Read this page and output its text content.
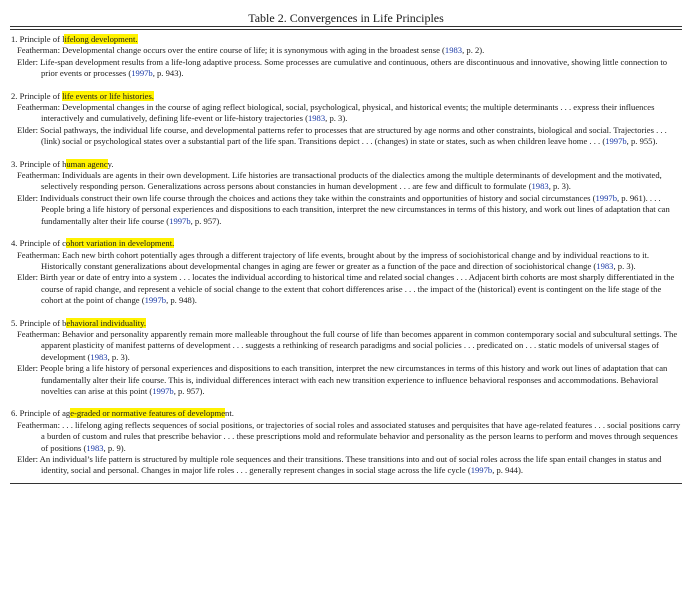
Table 2. Convergences in Life Principles
1. Principle of lifelong development.

Featherman: Developmental change occurs over the entire course of life; it is synonymous with aging in the broadest sense (1983, p. 2).

Elder: Life-span development results from a life-long adaptive process. Some processes are cumulative and continuous, others are discontinuous and innovative, showing little connection to prior events or processes (1997b, p. 943).

2. Principle of life events or life histories.

Featherman: Developmental changes in the course of aging reflect biological, social, psychological, physical, and historical events; the multiple determinants . . . express their influences interactively and cumulatively, defining life-event or life-history trajectories (1983, p. 3).

Elder: Social pathways, the individual life course, and developmental patterns refer to processes that are structured by age norms and other constraints, biological and social. Trajectories . . . (link) social or psychological states over a substantial part of the life span. Transitions depict . . . (changes) in state or states, such as when children leave home . . . (1997b, p. 955).

3. Principle of human agency.

Featherman: Individuals are agents in their own development. Life histories are transactional products of the dialectics among the multiple determinants of development and the motivated, selectively responding person. Generalizations across persons about constancies in human development . . . are few and difficult to formulate (1983, p. 3).

Elder: Individuals construct their own life course through the choices and actions they take within the constraints and opportunities of history and social circumstances (1997b, p. 961). . . . People bring a life history of personal experiences and dispositions to each transition, interpret the new circumstances in terms of this history, and work out lines of adaptation that can fundamentally alter their life course (1997b, p. 957).

4. Principle of cohort variation in development.

Featherman: Each new birth cohort potentially ages through a different trajectory of life events, brought about by the impress of sociohistorical change and by individual reactions to it. Historically constant generalizations about developmental changes in aging are fewer or greater as a function of the pace and direction of sociohistorical change (1983, p. 3).

Elder: Birth year or date of entry into a system . . . locates the individual according to historical time and related social changes . . . Adjacent birth cohorts are most sharply differentiated in the course of rapid change, and represent a vehicle of social change to the extent that cohort differences arise . . . the impact of the (historical) event is contingent on the life stage of the cohort at the point of change (1997b, p. 948).

5. Principle of behavioral individuality.

Featherman: Behavior and personality apparently remain more malleable throughout the full course of life than becomes apparent in common contemporary social and subcultural settings. The apparent plasticity of manifest patterns of development . . . suggests a rethinking of research paradigms and social policies . . . predicated on . . . static models of universal stages of development (1983, p. 3).

Elder: People bring a life history of personal experiences and dispositions to each transition, interpret the new circumstances in terms of this history and work out lines of adaptation that can fundamentally alter their life course. This is, individual differences interact with each new transition experience to influence behavioral responses and accommodations. Behavioral novelties can arise at this point (1997b, p. 957).

6. Principle of age-graded or normative features of development.

Featherman: . . . lifelong aging reflects sequences of social positions, or trajectories of social roles and associated statuses and perquisites that have age-related features . . . social positions carry a burden of custom and rules that prescribe behavior . . . these prescriptions mold and reformulate behavior and personality as the person learns to perform and moves through sequences of positions (1983, p. 9).

Elder: An individual’s life pattern is structured by multiple role sequences and their transitions. These transitions into and out of social roles across the life span entail changes in status and identity, social and personal. Changes in major life roles . . . generally represent changes in social stage across the life cycle (1997b, p. 944).
